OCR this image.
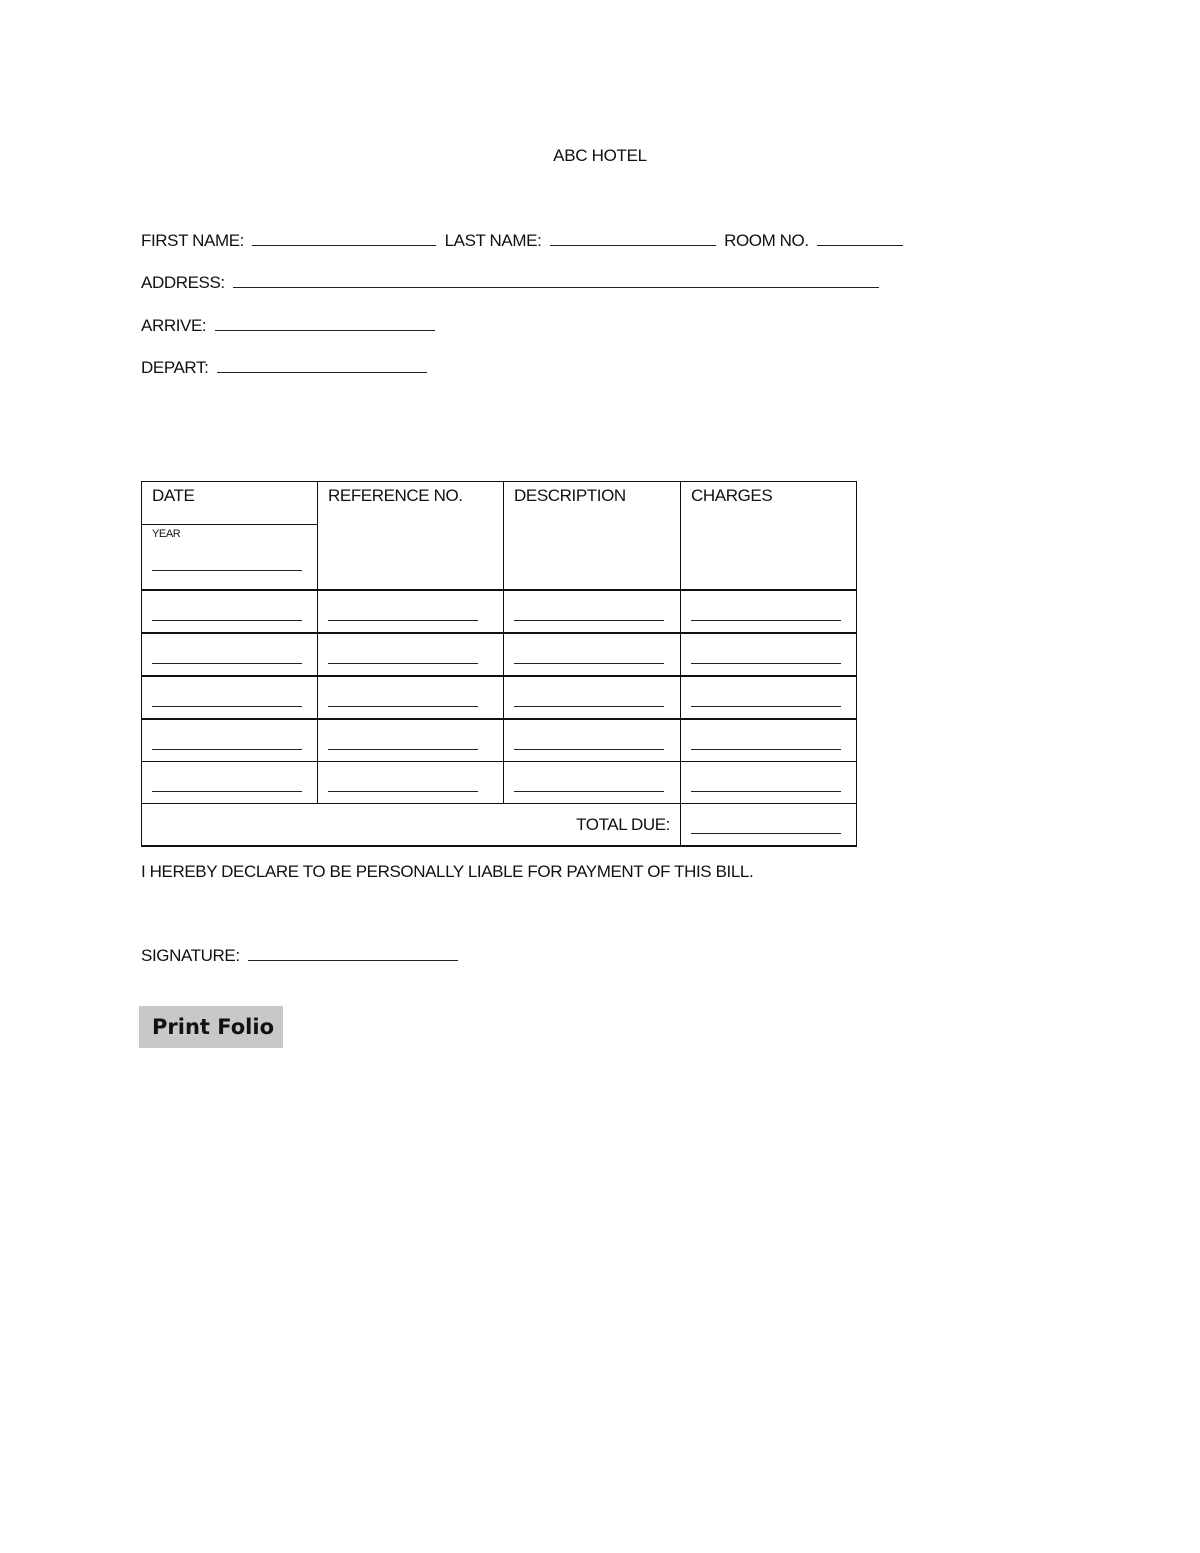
ABC HOTEL
FIRST NAME:	LAST NAME:	ROOM NO.
ADDRESS:
ARRIVE:
DEPART:
DATE	REFERENCE NO.	DESCRIPTION	CHARGES

YEAR			

TOTAL DUE:			
I HEREBY DECLARE TO BE PERSONALLY LIABLE FOR PAYMENT OF THIS BILL.
SIGNATURE:
Print Folio
